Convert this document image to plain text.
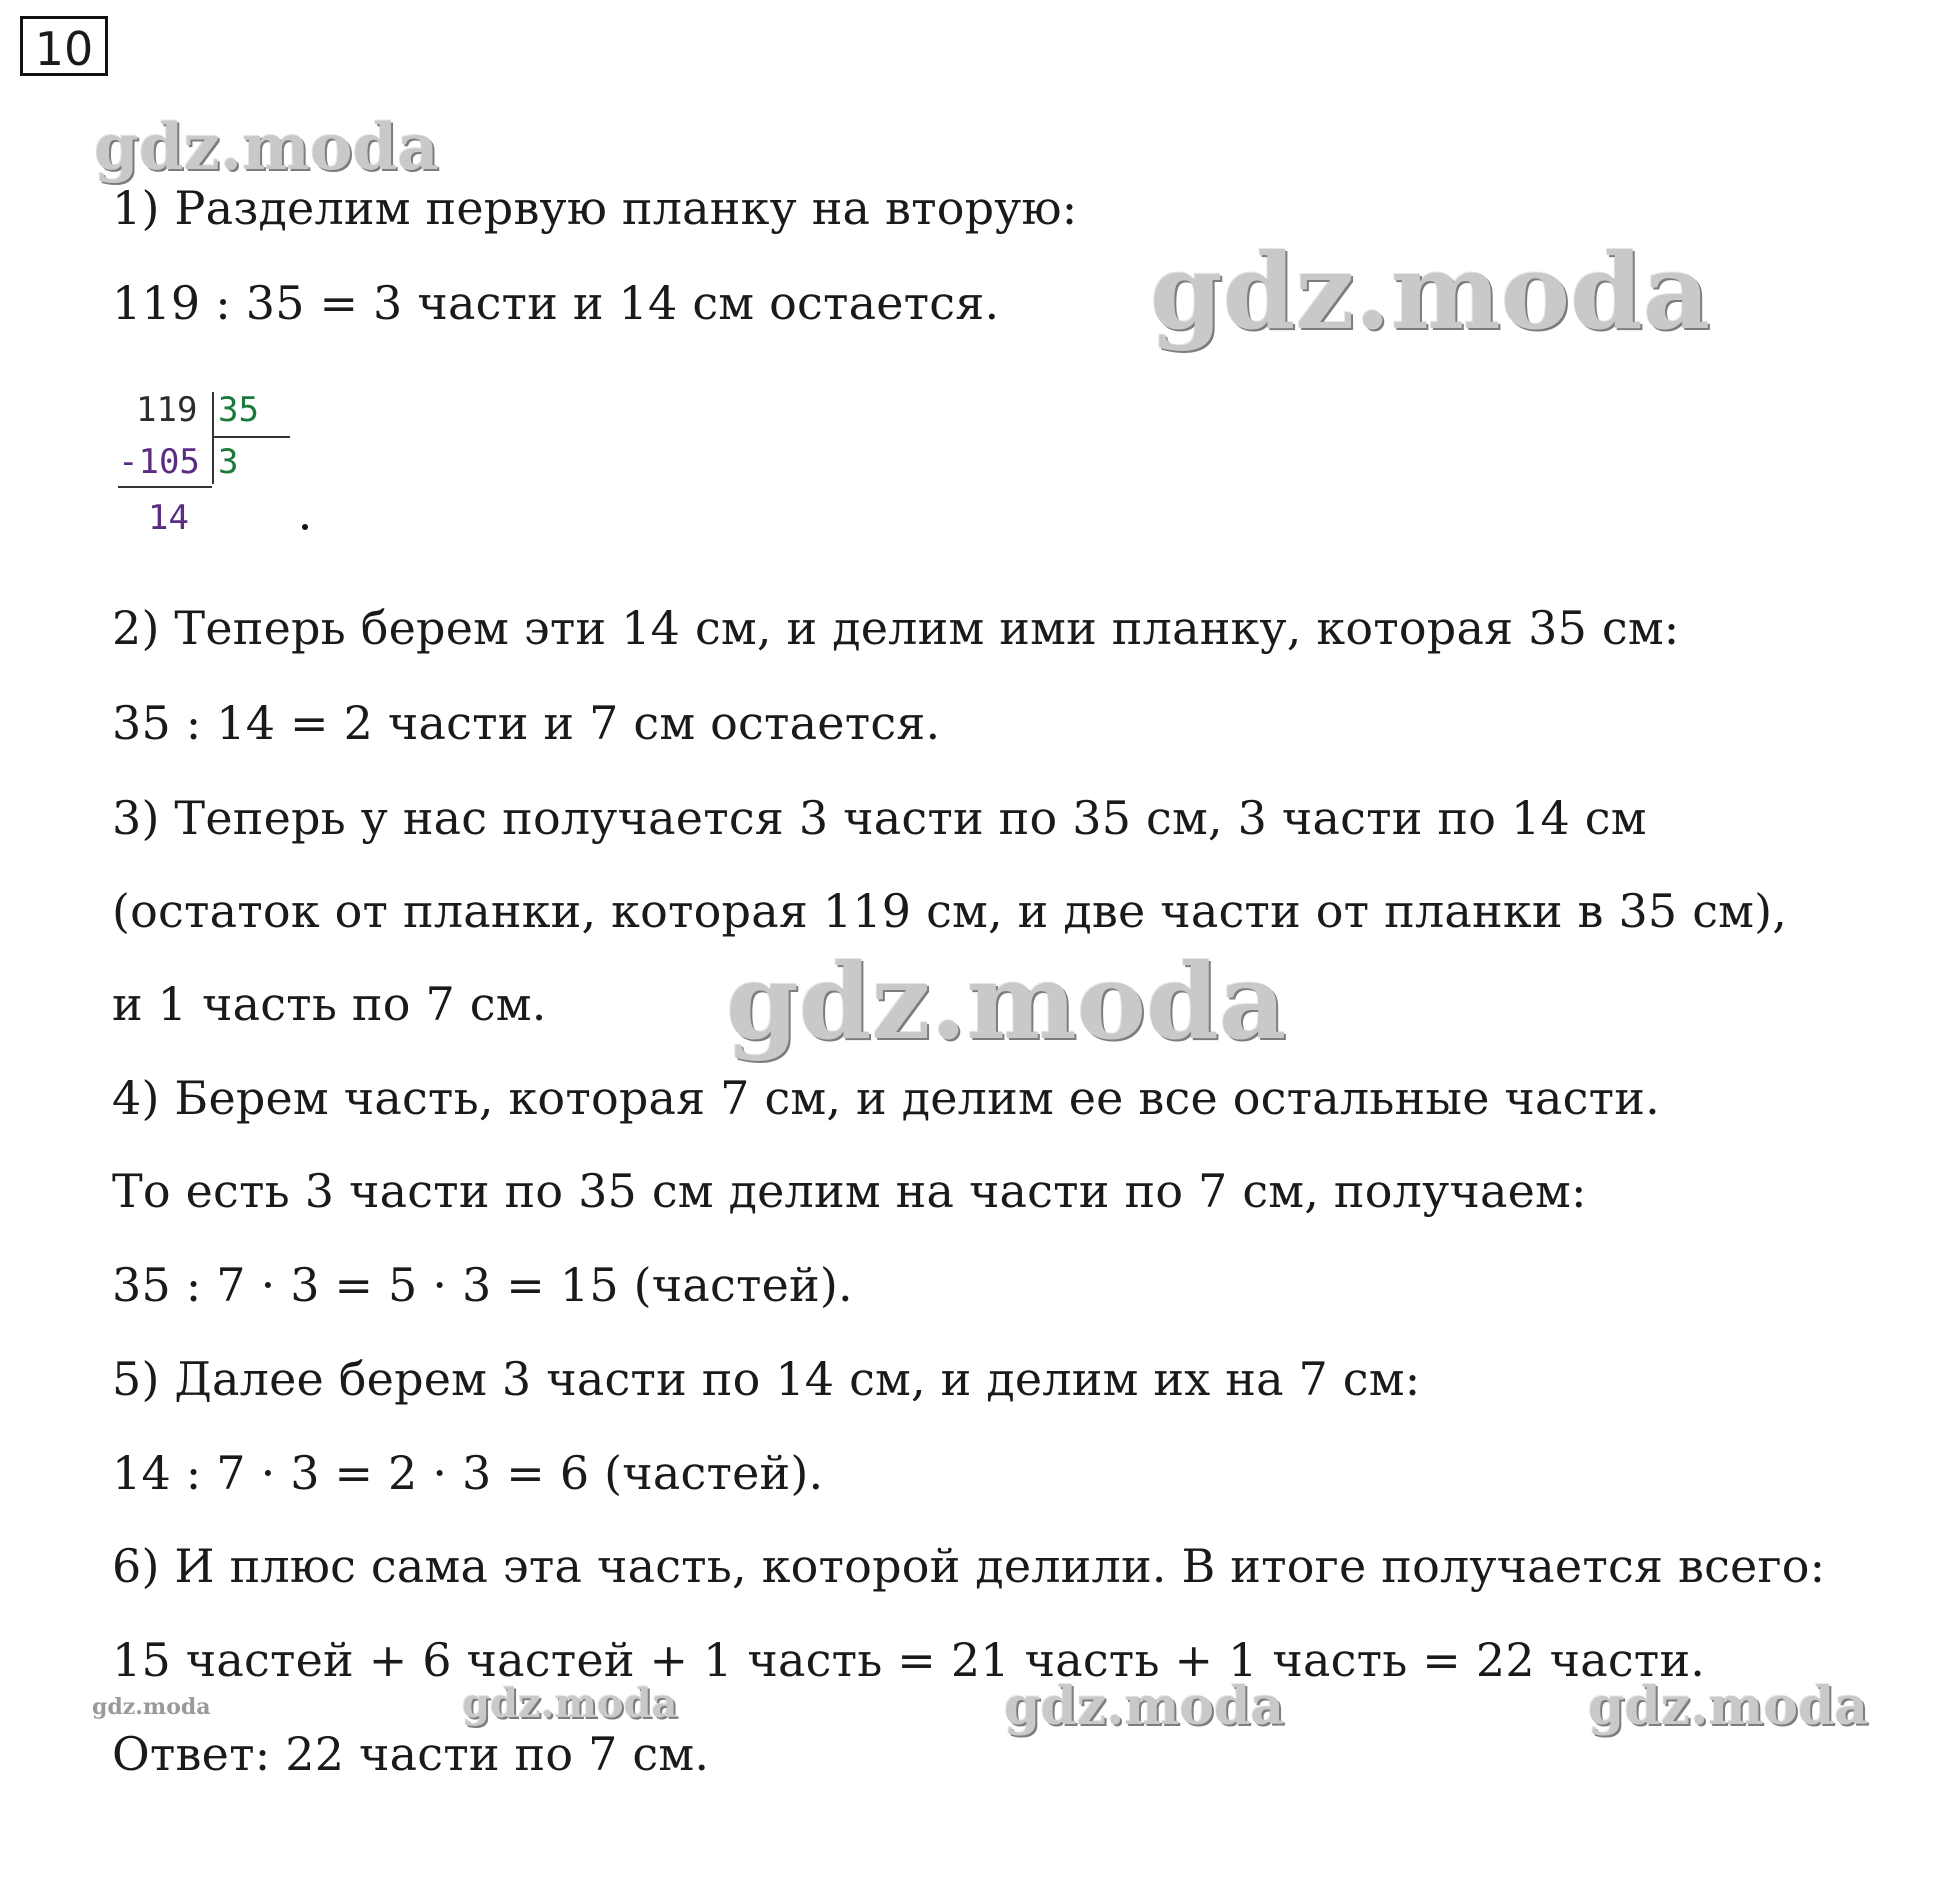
10
1) Разделим первую планку на вторую:
119 : 35 = 3 части и 14 см остается.
119 35
-105 3
14
2) Теперь берем эти 14 см, и делим ими планку, которая 35 см:
35 : 14 = 2 части и 7 см остается.
3) Теперь у нас получается 3 части по 35 см, 3 части по 14 см
(остаток от планки, которая 119 см, и две части от планки в 35 см),
и 1 часть по 7 см.
4) Берем часть, которая 7 см, и делим ее все остальные части.
То есть 3 части по 35 см делим на части по 7 см, получаем:
35 : 7 · 3 = 5 · 3 = 15 (частей).
5) Далее берем 3 части по 14 см, и делим их на 7 см:
14 : 7 · 3 = 2 · 3 = 6 (частей).
6) И плюс сама эта часть, которой делили. В итоге получается всего:
15 частей + 6 частей + 1 часть = 21 часть + 1 часть = 22 части.
Ответ: 22 части по 7 см.
gdz.moda
gdz.moda
gdz.moda
gdz.moda	gdz.moda	gdz.moda	gdz.moda
